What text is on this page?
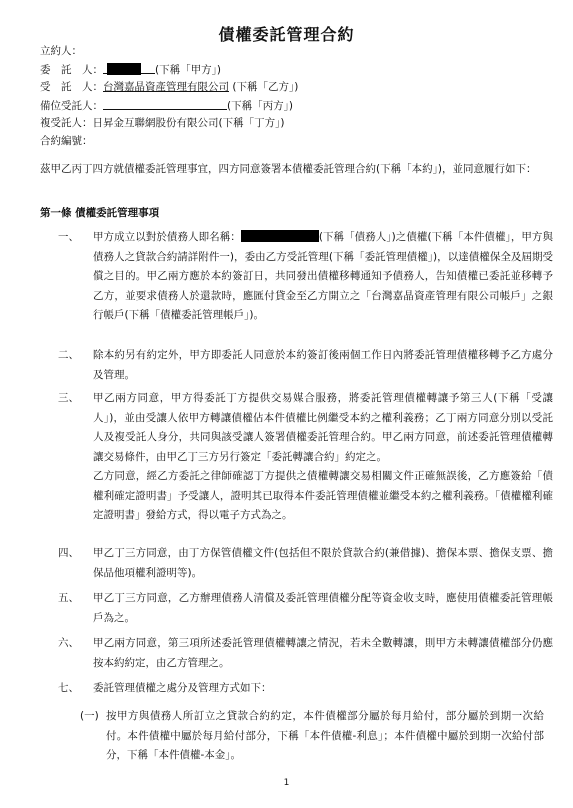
債權委託管理合約
立約人：
委　託　人：	(下稱「甲方」)
受　託　人：台灣嘉晶資產管理有限公司 (下稱「乙方」)
備位受託人：	(下稱「丙方」)
複受託人：日昇金互聯網股份有限公司(下稱「丁方」)
合約編號：
茲甲乙丙丁四方就債權委託管理事宜，四方同意簽署本債權委託管理合約(下稱「本約」)，並同意履行如下：
第一條 債權委託管理事項
一、 甲方成立以對於債務人即名稱：	(下稱「債務人」)之債權(下稱「本件債權」，甲方與債務人之貸款合約請詳附件一)，委由乙方受託管理(下稱「委託管理債權」)，以達債權保全及屆期受償之目的。甲乙兩方應於本約簽訂日，共同發出債權移轉通知予債務人，告知債權已委託並移轉予乙方，並要求債務人於還款時，應匯付貸金至乙方開立之「台灣嘉晶資產管理有限公司帳戶」之銀行帳戶(下稱「債權委託管理帳戶」)。
二、 除本約另有約定外，甲方即委託人同意於本約簽訂後兩個工作日內將委託管理債權移轉予乙方處分及管理。
三、 甲乙兩方同意，甲方得委託丁方提供交易媒合服務，將委託管理債權轉讓予第三人(下稱「受讓人」)，並由受讓人依甲方轉讓債權佔本件債權比例繼受本約之權利義務；乙丁兩方同意分別以受託人及複受託人身分，共同與該受讓人簽署債權委託管理合約。甲乙兩方同意，前述委託管理債權轉讓交易條件，由甲乙丁三方另行簽定「委託轉讓合約」約定之。
乙方同意，經乙方委託之律師確認丁方提供之債權轉讓交易相關文件正確無誤後，乙方應簽給「債權利確定證明書」予受讓人，證明其已取得本件委託管理債權並繼受本約之權利義務。「債權權利確定證明書」發給方式，得以電子方式為之。
四、 甲乙丁三方同意，由丁方保管債權文件(包括但不限於貸款合約(兼借據)、擔保本票、擔保支票、擔保品他項權利證明等)。
五、 甲乙丁三方同意，乙方辦理債務人清償及委託管理債權分配等資金收支時，應使用債權委託管理帳戶為之。
六、 甲乙兩方同意，第三項所述委託管理債權轉讓之情況，若未全數轉讓，則甲方未轉讓債權部分仍應按本約約定，由乙方管理之。
七、 委託管理債權之處分及管理方式如下：
(一) 按甲方與債務人所訂立之貸款合約約定，本件債權部分屬於每月給付，部分屬於到期一次給付。本件債權中屬於每月給付部分，下稱「本件債權-利息」；本件債權中屬於到期一次給付部分，下稱「本件債權-本金」。
1
